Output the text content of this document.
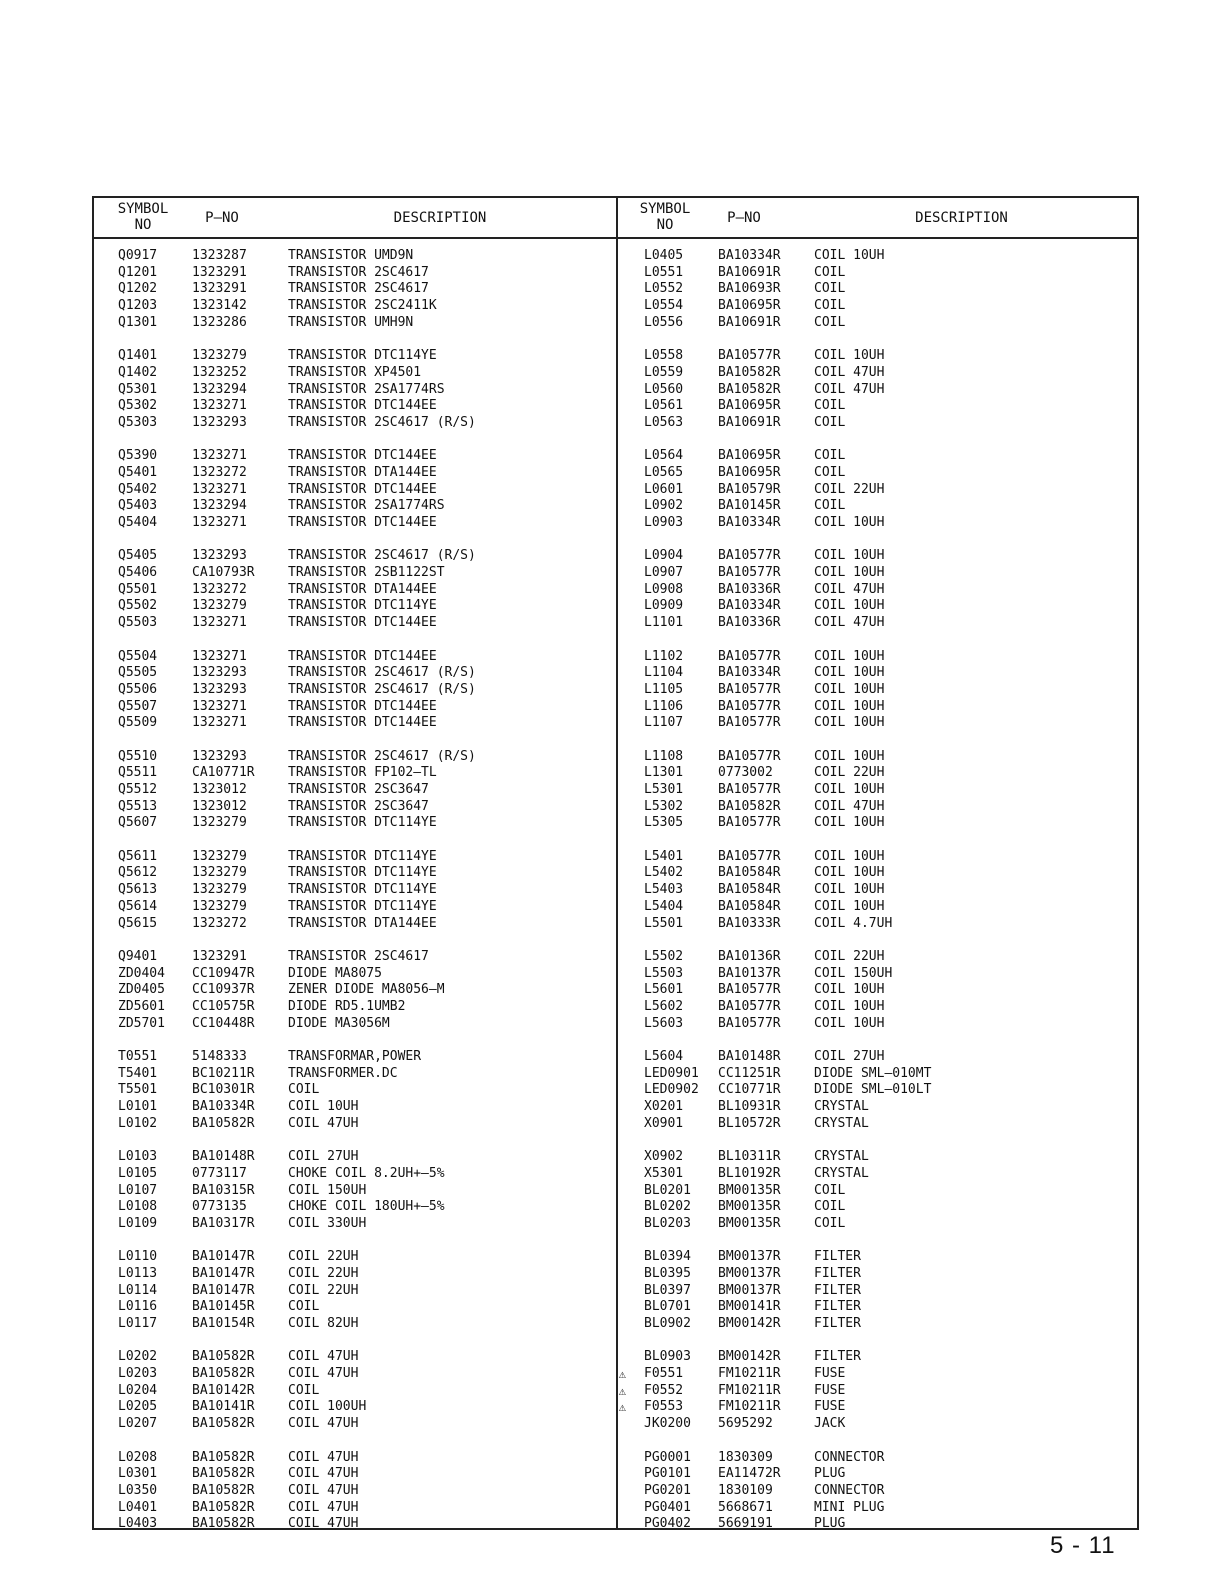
SYMBOL
NO	P–NO	DESCRIPTION
Q0917	1323287	TRANSISTOR UMD9N
Q1201	1323291	TRANSISTOR 2SC4617
Q1202	1323291	TRANSISTOR 2SC4617
Q1203	1323142	TRANSISTOR 2SC2411K
Q1301	1323286	TRANSISTOR UMH9N
Q1401	1323279	TRANSISTOR DTC114YE
Q1402	1323252	TRANSISTOR XP4501
Q5301	1323294	TRANSISTOR 2SA1774RS
Q5302	1323271	TRANSISTOR DTC144EE
Q5303	1323293	TRANSISTOR 2SC4617 (R/S)
Q5390	1323271	TRANSISTOR DTC144EE
Q5401	1323272	TRANSISTOR DTA144EE
Q5402	1323271	TRANSISTOR DTC144EE
Q5403	1323294	TRANSISTOR 2SA1774RS
Q5404	1323271	TRANSISTOR DTC144EE
Q5405	1323293	TRANSISTOR 2SC4617 (R/S)
Q5406	CA10793R	TRANSISTOR 2SB1122ST
Q5501	1323272	TRANSISTOR DTA144EE
Q5502	1323279	TRANSISTOR DTC114YE
Q5503	1323271	TRANSISTOR DTC144EE
Q5504	1323271	TRANSISTOR DTC144EE
Q5505	1323293	TRANSISTOR 2SC4617 (R/S)
Q5506	1323293	TRANSISTOR 2SC4617 (R/S)
Q5507	1323271	TRANSISTOR DTC144EE
Q5509	1323271	TRANSISTOR DTC144EE
Q5510	1323293	TRANSISTOR 2SC4617 (R/S)
Q5511	CA10771R	TRANSISTOR FP102–TL
Q5512	1323012	TRANSISTOR 2SC3647
Q5513	1323012	TRANSISTOR 2SC3647
Q5607	1323279	TRANSISTOR DTC114YE
Q5611	1323279	TRANSISTOR DTC114YE
Q5612	1323279	TRANSISTOR DTC114YE
Q5613	1323279	TRANSISTOR DTC114YE
Q5614	1323279	TRANSISTOR DTC114YE
Q5615	1323272	TRANSISTOR DTA144EE
Q9401	1323291	TRANSISTOR 2SC4617
ZD0404	CC10947R	DIODE MA8075
ZD0405	CC10937R	ZENER DIODE MA8056–M
ZD5601	CC10575R	DIODE RD5.1UMB2
ZD5701	CC10448R	DIODE MA3056M
T0551	5148333	TRANSFORMAR,POWER
T5401	BC10211R	TRANSFORMER.DC
T5501	BC10301R	COIL
L0101	BA10334R	COIL 10UH
L0102	BA10582R	COIL 47UH
L0103	BA10148R	COIL 27UH
L0105	0773117	CHOKE COIL 8.2UH+–5%
L0107	BA10315R	COIL 150UH
L0108	0773135	CHOKE COIL 180UH+–5%
L0109	BA10317R	COIL 330UH
L0110	BA10147R	COIL 22UH
L0113	BA10147R	COIL 22UH
L0114	BA10147R	COIL 22UH
L0116	BA10145R	COIL
L0117	BA10154R	COIL 82UH
L0202	BA10582R	COIL 47UH
L0203	BA10582R	COIL 47UH
L0204	BA10142R	COIL
L0205	BA10141R	COIL 100UH
L0207	BA10582R	COIL 47UH
L0208	BA10582R	COIL 47UH
L0301	BA10582R	COIL 47UH
L0350	BA10582R	COIL 47UH
L0401	BA10582R	COIL 47UH
L0403	BA10582R	COIL 47UH
SYMBOL
NO	P–NO	DESCRIPTION
L0405	BA10334R	COIL 10UH
L0551	BA10691R	COIL
L0552	BA10693R	COIL
L0554	BA10695R	COIL
L0556	BA10691R	COIL
L0558	BA10577R	COIL 10UH
L0559	BA10582R	COIL 47UH
L0560	BA10582R	COIL 47UH
L0561	BA10695R	COIL
L0563	BA10691R	COIL
L0564	BA10695R	COIL
L0565	BA10695R	COIL
L0601	BA10579R	COIL 22UH
L0902	BA10145R	COIL
L0903	BA10334R	COIL 10UH
L0904	BA10577R	COIL 10UH
L0907	BA10577R	COIL 10UH
L0908	BA10336R	COIL 47UH
L0909	BA10334R	COIL 10UH
L1101	BA10336R	COIL 47UH
L1102	BA10577R	COIL 10UH
L1104	BA10334R	COIL 10UH
L1105	BA10577R	COIL 10UH
L1106	BA10577R	COIL 10UH
L1107	BA10577R	COIL 10UH
L1108	BA10577R	COIL 10UH
L1301	0773002	COIL 22UH
L5301	BA10577R	COIL 10UH
L5302	BA10582R	COIL 47UH
L5305	BA10577R	COIL 10UH
L5401	BA10577R	COIL 10UH
L5402	BA10584R	COIL 10UH
L5403	BA10584R	COIL 10UH
L5404	BA10584R	COIL 10UH
L5501	BA10333R	COIL 4.7UH
L5502	BA10136R	COIL 22UH
L5503	BA10137R	COIL 150UH
L5601	BA10577R	COIL 10UH
L5602	BA10577R	COIL 10UH
L5603	BA10577R	COIL 10UH
L5604	BA10148R	COIL 27UH
LED0901	CC11251R	DIODE SML–010MT
LED0902	CC10771R	DIODE SML–010LT
X0201	BL10931R	CRYSTAL
X0901	BL10572R	CRYSTAL
X0902	BL10311R	CRYSTAL
X5301	BL10192R	CRYSTAL
BL0201	BM00135R	COIL
BL0202	BM00135R	COIL
BL0203	BM00135R	COIL
BL0394	BM00137R	FILTER
BL0395	BM00137R	FILTER
BL0397	BM00137R	FILTER
BL0701	BM00141R	FILTER
BL0902	BM00142R	FILTER
BL0903	BM00142R	FILTER
⚠	F0551	FM10211R	FUSE
⚠	F0552	FM10211R	FUSE
⚠	F0553	FM10211R	FUSE
JK0200	5695292	JACK
PG0001	1830309	CONNECTOR
PG0101	EA11472R	PLUG
PG0201	1830109	CONNECTOR
PG0401	5668671	MINI PLUG
PG0402	5669191	PLUG
5 - 11
